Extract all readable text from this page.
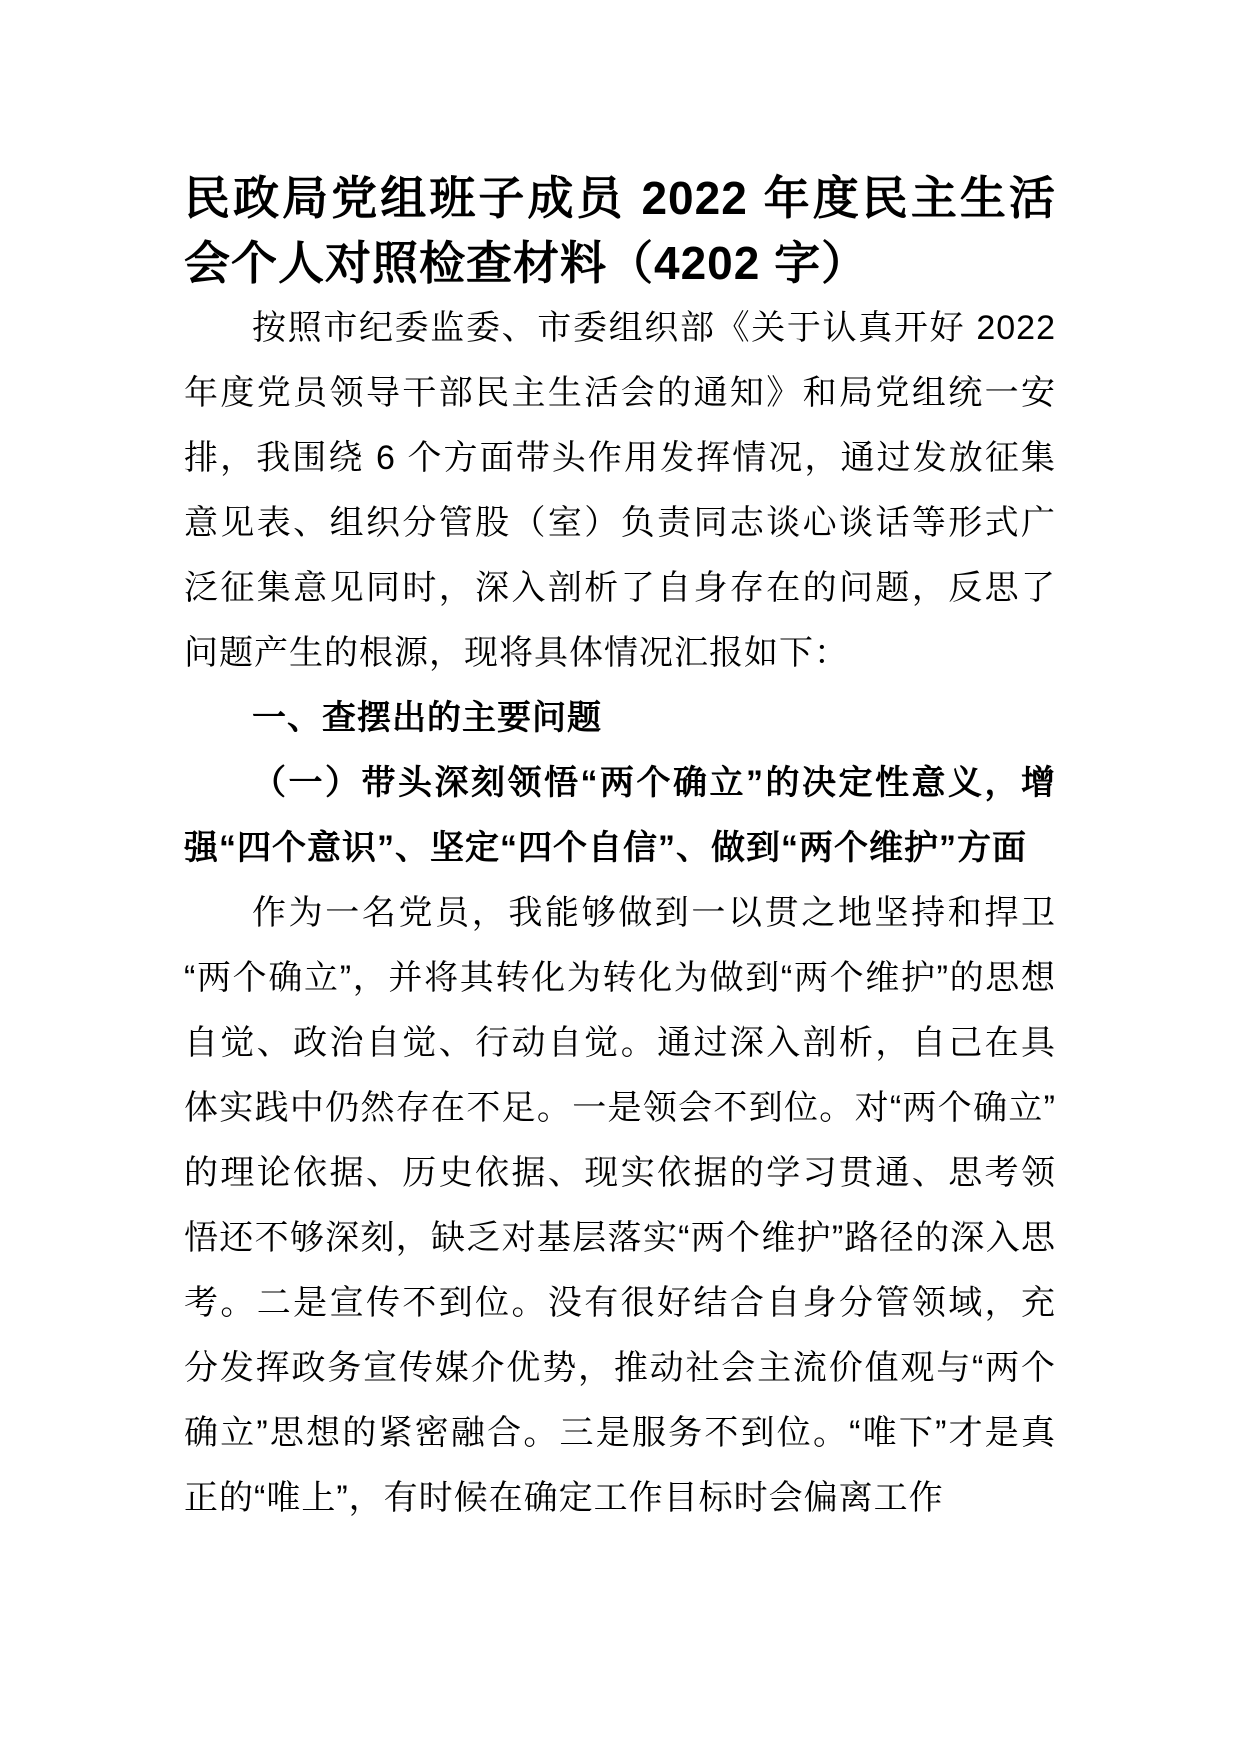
民政局党组班子成员 2022 年度民主生活会个人对照检查材料（4202 字）

按照市纪委监委、市委组织部《关于认真开好 2022 年度党员领导干部民主生活会的通知》和局党组统一安排，我围绕 6 个方面带头作用发挥情况，通过发放征集意见表、组织分管股（室）负责同志谈心谈话等形式广泛征集意见同时，深入剖析了自身存在的问题，反思了问题产生的根源，现将具体情况汇报如下：

一、查摆出的主要问题
（一）带头深刻领悟“两个确立”的决定性意义，增强“四个意识”、坚定“四个自信”、做到“两个维护”方面

作为一名党员，我能够做到一以贯之地坚持和捍卫“两个确立”，并将其转化为转化为做到“两个维护”的思想自觉、政治自觉、行动自觉。通过深入剖析，自己在具体实践中仍然存在不足。一是领会不到位。对“两个确立”的理论依据、历史依据、现实依据的学习贯通、思考领悟还不够深刻，缺乏对基层落实“两个维护”路径的深入思考。二是宣传不到位。没有很好结合自身分管领域，充分发挥政务宣传媒介优势，推动社会主流价值观与“两个确立”思想的紧密融合。三是服务不到位。“唯下”才是真正的“唯上”，有时候在确定工作目标时会偏离工作
